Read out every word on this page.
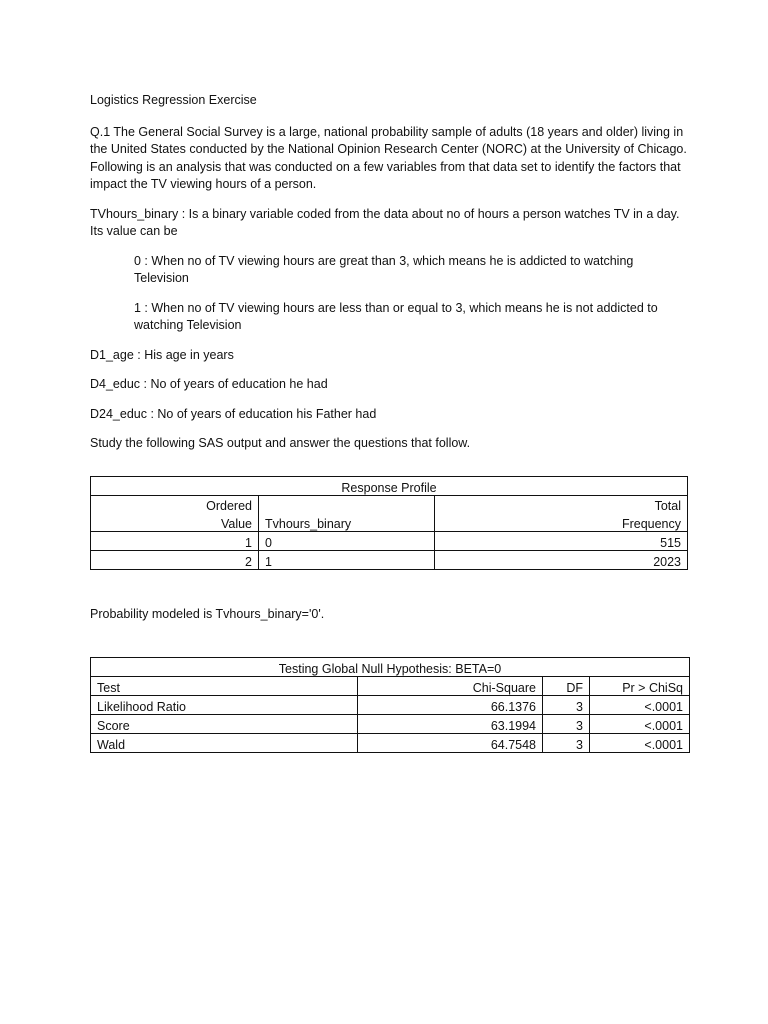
Logistics Regression Exercise

Q.1 The General Social Survey is a large, national probability sample of adults (18 years and older) living in the United States conducted by the National Opinion Research Center (NORC) at the University of Chicago. Following is an analysis that was conducted on a few variables from that data set to identify the factors that impact the TV viewing hours of a person.

TVhours_binary : Is a binary variable coded from the data about no of hours a person watches TV in a day. Its value can be

0 : When no of TV viewing hours are great than 3, which means he is addicted to watching Television

1 : When no of TV viewing hours are less than or equal to 3, which means he is not addicted to watching Television

D1_age : His age in years

D4_educ : No of years of education he had

D24_educ : No of years of education his Father had

Study the following SAS output and answer the questions that follow.

Response Profile		
Ordered		Total
Value	Tvhours_binary	Frequency
1	0	515
2	1	2023

Probability modeled is Tvhours_binary='0'.

Testing Global Null Hypothesis: BETA=0			
Test	Chi-Square	DF	Pr > ChiSq
Likelihood Ratio	66.1376	3	<.0001
Score	63.1994	3	<.0001
Wald	64.7548	3	<.0001
